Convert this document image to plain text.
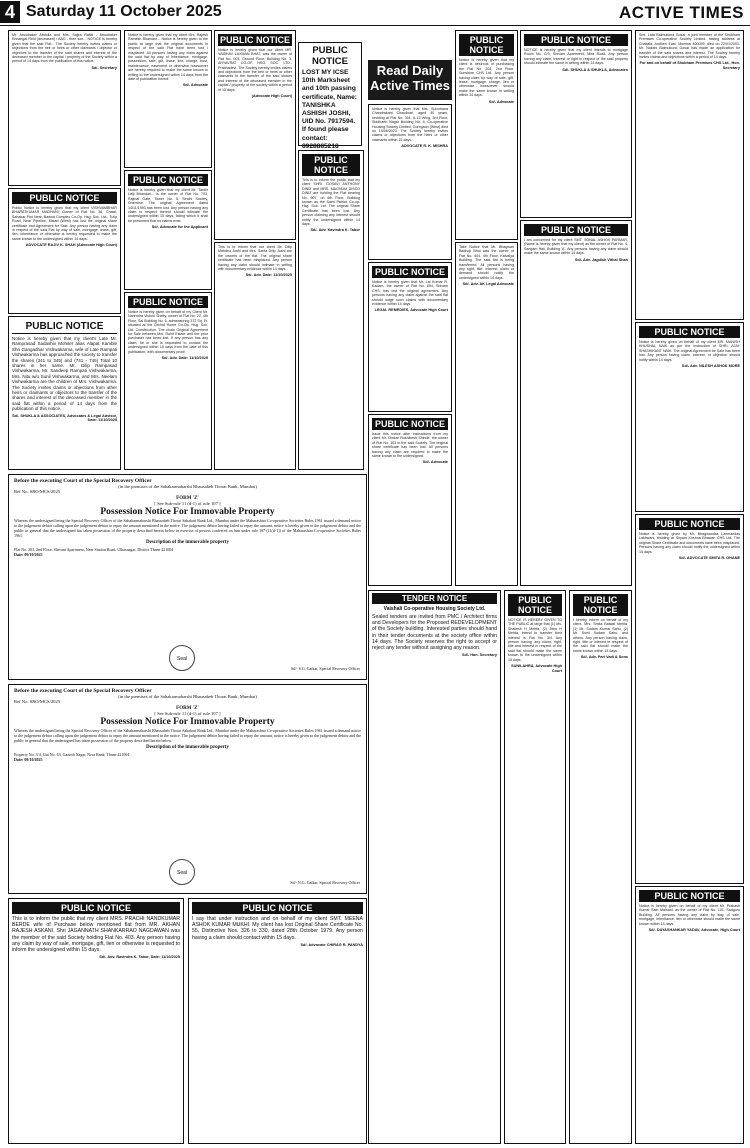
4 Saturday 11 October 2025	ACTIVE TIMES
Mr. Aboobaker Abdulla and Mrs. Sajira Rafiki - Aboobaker Ennangal Reid (deceased) / AAG - their son... NOTICE is hereby given that the said Flat... The Society hereby invites claims or objections from the heir or heirs or other claimants / objector or objectors to the transfer of the said shares and interest of the deceased member in the capital / property of the Society within a period of 14 days from the publication of this notice.
Sd/- Secretary
PUBLIC NOTICE
Public Notice is hereby given that my client VISHVAMBHAR BHARATKUMAR MADHANI, Owner of Flat No. 36, Chawl, Sahakar Plot Near, Bawna Complex Co-Op. Hsg. Soc. Ltd., Tulip Road, Near Pipeline, Malad (West) has lost the original share certificate and Agreement for Sale. Any person having any claim in respect of the said Flat by way of sale, mortgage, lease, gift, lien, inheritance or otherwise is hereby requested to make the same known to the undersigned within 14 days.
ADVOCATE RAJIV K. SHAH (Advocate High Court)
PUBLIC NOTICE
Notice is hereby given that my client's Late Mr. Ramprasad Sadashiv Mohiter alias Alapat Kamble Shri Gangadhar Vishwakarma, wife of Late Rampati Vishwakarma has approached the society to transfer the shares (341 to 345) and (741 - 745) Total 10 shares in her name. Mr. Dilip Rampasad Vishwakarma, Mr. Sandeep Rampati Vishwakarma, Mrs. Nitu w/o Sunil Vishwakarma, and Mrs. Neelam Vishwakarma are the children of Mrs. Vishwakarma. The Society invites claims or objections from other heirs or claimants or objectors to the transfer of the shares and interest of the deceased member in the said flat within a period of 14 days from the publication of this notice.
Sd/- SHUKLA & ASSOCIATES, Advocates & Legal Advisor, Date: 11/10/2025
Notice is hereby given that my client Mrs. Rajesh Ramesh Bhamare... Notice is hereby given to the public at large that the original documents in respect of the said Flat have been lost / misplaced. All persons having any claim against the said flat by way of inheritance, mortgage, possession, sale, gift, lease, lien, charge, trust, maintenance, easement or otherwise howsoever are hereby required to make the same known in writing to the undersigned within 14 days from the date of publication hereof.
Sd/- Advocate
PUBLIC NOTICE
Notice is hereby given that my client Mr. Tanbir Lalji Bhandari... is the owner of Flat No. 703, Rajmal Gate, Tower No. 5, Sindhi Society, Chembur. The original Agreement dated 14/11/1993 has been lost. Any person having any claim in respect thereof should intimate the undersigned within 15 days, failing which it shall be presumed that no claims exist.
Sd/- Advocate for the Applicant
PUBLIC NOTICE
Notice is hereby given on behalf of my Client Mr. Narendra Vishnu Shetty, owner of Flat No. 22, 4th Floor, Sai Building No. 6, admeasuring 372 Sq. Ft. situated at the Orchid Home Co-Op. Hsg. Soc. Ltd. Construction. The chain Original Agreement for Sale between M/s. Rohit Estate and the prior purchaser has been lost. If any person has any claim, he or she is requested to contact the undersigned within 15 days from the date of this publication, with documentary proof.
Sd/- Adv. Date: 11/10/2025
PUBLIC NOTICE
Notice is hereby given that our client MR. VAIBHAV LAXMAN BHAT, was the owner of Flat No. 003, Ground Floor, Building No. 3, ARYAVRAT CO-OP. HSG. SOC. LTD., Prabhadevi. The Society hereby invites claims and objections from the heir or heirs or other claimants to the transfer of the said shares and interest of the deceased member in the capital / property of the society within a period of 15 days.
(Advocate High Court)
This is to inform that our client Mr. Dilip Mahdeo Joshi and Mrs. Sarita Dilip Joshi are the owners of the flat. The original share certificate has been misplaced. Any person having any claim should intimate in writing with documentary evidence within 14 days.
Sd/- Adv. Date: 11/10/2025
PUBLIC NOTICE
LOST MY ICSE 10th Marksheet and 10th passing certificate, Name: TANISHKA ASHISH JOSHI, UID No. 7917594. If found please contact: 8928885218
PUBLIC NOTICE
This is to inform the public that my client SHRI. GOSAVI ANTHONY DINIZ and MRS. MAGNUM DISCO DINIZ are holding the Flat bearing No. 607, on 6th Floor, Building known as the Saint Patrick Co-op. Hsg. Soc. Ltd. The original Share Certificate has been lost. Any person claiming any interest should notify the undersigned within 14 days.
Sd/- Adv. Kavindra K. Tabor
Read Daily
Active Times
Before the executing Court of the Special Recovery Officer
(in the premises of the Sahakarmaharshi Bhausaheb Thorat Bank, Mumbai)
Ref No. SRO/MCS/2025
FORM 'Z'
[ See Sub-rule 11 (d-1) of rule 107 ]
Possession Notice For Immovable Property
Whereas the undersigned being the Special Recovery Officer of the Sahakarmaharshi Bhausaheb Thorat Sahakari Bank Ltd., Mumbai under the Maharashtra Co-operative Societies Rules 1961 issued a demand notice to the judgement debtor calling upon the judgement debtor to repay the amount mentioned in the notice. The judgement debtor having failed to repay the amount, notice is hereby given to the judgement debtor and the public in general that the undersigned has taken possession of the property described herein below in exercise of powers conferred on him under rule 107 (11(d-1)) of the Maharashtra Co-operative Societies Rules 1961.
Description of the immovable property
Flat No. 203, 2nd Floor, Shivam Apartment, Near Station Road, Ulhasnagar, District Thane 421004
Date: 09/10/2025
Seal
Sd/- S.G. Gaikar, Special Recovery Officer
Before the executing Court of the Special Recovery Officer
(in the premises of the Sahakarmaharshi Bhausaheb Thorat Bank, Mumbai)
Ref No. SRO/MCS/2025
FORM 'Z'
[ See Sub-rule 11 (d-1) of rule 107 ]
Possession Notice For Immovable Property
Whereas the undersigned being the Special Recovery Officer of the Sahakarmaharshi Bhausaheb Thorat Sahakari Bank Ltd., Mumbai under the Maharashtra Co-operative Societies Rules 1961 issued a demand notice to the judgement debtor calling upon the judgement debtor to repay the amount mentioned in the notice. The judgement debtor having failed to repay the amount, notice is hereby given to the judgement debtor and the public in general that the undersigned has taken possession of the property described herein below.
Description of the immovable property
Property No. 3/4, Gut No. 63, Ganesh Nagar, Near Bank, Thane 421004
Date: 09/10/2025
Seal
Sd/- N.G. Gaikar, Special Recovery Officer
PUBLIC NOTICE
This is to inform the public that my client MRS. PRACHI NANDKUMAR BERDE wife of Purchase below mentioned flat from MR. AKHAN RAJESH ASKANI. Shri JAGANNATH SHANKARRAO NAGDAWAN was the member of the said Society holding Flat No. 403. Any person having any claim by way of sale, mortgage, gift, lien or otherwise is requested to inform the undersigned within 15 days.
Sd/- Adv. Ravindra K. Tabor, Date: 11/10/2025
PUBLIC NOTICE
I say that under instruction and on behalf of my client SMT. MEENA ASHOK KUMAR MUKHI. My client has lost Original Share Certificate No. 55, Distinctive Nos. 326 to 330, dated 28th October 1979. Any person having a claim should contact within 15 days.
Sd/- Advocate CHIRAG R. PANDYA
Notice is hereby given that Mrs. Sulochana Chandrakant Chaudhari, aged 40 years, residing at Flat No. 301, A-13 Wing, 3rd Floor, Siddharth Nagar Building No. 4, Co-operative Housing Society Limited, Goregaon (West) died on 19/06/2023. The Society hereby invites claims or objections from the heirs or other claimants within 15 days.
ADVOCATE R. K. MISHRA
PUBLIC NOTICE
Notice is hereby given that Mr. Lal Kumar R. Kadam, the owner of Flat No. 804, Shivam CHS, has lost the original agreement. Any persons having any claim against the said flat should lodge such claims with documentary evidence within 14 days.
LEGAL REMEDIES, Advocate High Court
PUBLIC NOTICE
Issue this notice after instructions from my client Mr. Omkar Rushikesh Shinde, the owner of Flat No. 103 in the said Society. The original share certificate has been lost. All persons having any claim are required to make the same known to the undersigned.
Sd/- Advocate
PUBLIC NOTICE
Notice is hereby given that my client is desirous of purchasing the Flat No. 204, 2nd Floor, Sunshine CHS Ltd. Any person having claim by way of sale, gift, lease, mortgage, charge, lien or otherwise howsoever should make the same known in writing within 14 days.
Sd/- Advocate
Take Notice that Mr. Bhagwan Badhoji Bhoi was the owner of Flat No. 404, 4th Floor, Kaivalya Building. The said flat is being transferred. All persons having any right, title, interest, claim or demand should notify the undersigned within 14 days.
Sd/- Adv. AK Legal Advocate
PUBLIC NOTICE
NOTICE is hereby given that my client intends to mortgage Room No. C/3, Shivam Apartment, Mira Road. Any person having any claim, interest or right in respect of the said property should intimate the same in writing within 14 days.
Sd/- SHUKLA & SHUKLA, Advocates
PUBLIC NOTICE
I am concerned for my client SMT. SONAL ASHOK PARMAR, (Name is hereby given that my client) as the owner of Flat No. 4, Sangam Hall, Building 'A'. Any persons having any claim should make the same known within 14 days.
Sd/- Adv. Jagdish Vithal Shah
Smt. Lata Balmukund Gosai, a joint member of the Shubham Premises Co-operative Society Limited, having address at Chakala, Andheri East, Mumbai 400099, died on 22/01/2001. Mr. Nakshi Balmukund Gosai has made an application for transfer of the said shares and interest. The Society hereby invites claims and objections within a period of 14 days.
For and on behalf of Shubham Premises CHS Ltd., Hon. Secretary
PUBLIC NOTICE
Notice is hereby given on behalf of my client MR. MANISH KHUSHAL NAIK as per the instruction of SHRI. AJAY SHASHIKANT NAIK. The original Agreement for Sale has been lost. Any person having claim, interest, or objection should notify within 14 days.
Sd/- Adv. NILESH ASHOK MORE
PUBLIC NOTICE
Notice is hereby given by Mr. Bhagwandas Laxmandas Lakhwani, residing at Shyam Kirshna Bhawan CHS Ltd. The original Share Certificate and documents have been misplaced. Persons having any claim should notify the undersigned within 15 days.
Sd/- ADVOCATE SMITA R. GHANE
PUBLIC NOTICE
Notice is hereby given on behalf of my client Mr. Prakash Kumar Sain Mainani, as the owner of Flat No. 101, Sadguru Building. All persons having any claim by way of sale, mortgage, inheritance, lien or otherwise should make the same known within 14 days.
Sd/- DAYASHANKAR YADAV, Advocate, High Court
TENDER NOTICE
Vaishali Co-operative Housing Society Ltd.
Sealed tenders are invited from PMC / Architect firms and Developers for the Proposed REDEVELOPMENT of the Society building. Interested parties should hand in their tender documents at the society office within 14 days. The Society reserves the right to accept or reject any tender without assigning any reason.
Sd/- Hon. Secretary
PUBLIC NOTICE
NOTICE IS HEREBY GIVEN TO THE PUBLIC at large that (1) Ms. Shailesh H Mehta, (2) Jiten H Mehta, intend to transfer their interest in Flat No. 3/4. Any person having any claim, right, title and interest in respect of the said flat should make the same known to the undersigned within 15 days.
SUNILAHRA, Advocate High Court
PUBLIC NOTICE
I hereby inform on behalf of my client. Mrs. Smita Batwal Mehta, (1) Mr. Sudam Kumar Sahu, (2) Mr. Sunil Sudam Sahu, and others. Any person having claim, right, title or interest in respect of the said flat should make the same known within 15 days.
Sd/- Adv. Pari Vadi & Sons
